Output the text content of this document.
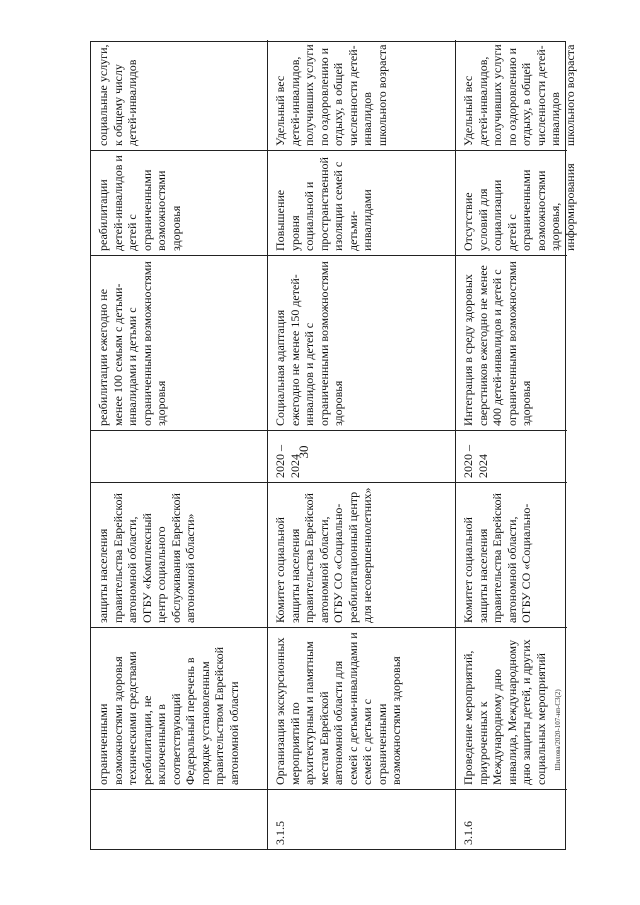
30
ограниченными возможностями здоровья техническими средствами реабилитации, не включенными в соответствующий Федеральный перечень в порядке установленным правительством Еврейской автономной области
защиты населения правительства Еврейской автономной области, ОГБУ «Комплексный центр социального обслуживания Еврейской автономной области»
реабилитации ежегодно не менее 100 семьям с детьми-инвалидами и детьми с ограниченными возможностями здоровья
реабилитации детей-инвалидов и детей с ограниченными возможностями здоровья
социальные услуги, к общему числу детей-инвалидов
3.1.5
Организация экскурсионных мероприятий по архитектурным и памятным местам Еврейской автономной области для семей с детьми-инвалидами и семей с детьми с ограниченными возможностями здоровья
Комитет социальной защиты населения правительства Еврейской автономной области, ОГБУ СО «Социально-реабилитационный центр для несовершеннолетних»
2020 – 2024
Социальная адаптация ежегодно не менее 150 детей-инвалидов и детей с ограниченными возможностями здоровья
Повышение уровня социальной и пространственной изоляции семей с детьми-инвалидами
Удельный вес детей-инвалидов, получивших услуги по оздоровлению и отдыху, в общей численности детей-инвалидов школьного возраста
3.1.6
Проведение мероприятий, приуроченных к Международному дню инвалида, Международному дню защиты детей, и других социальных мероприятий
Комитет социальной защиты населения правительства Еврейской автономной области, ОГБУ СО «Социально-
2020 – 2024
Интеграция в среду здоровых сверстников ежегодно не менее 400 детей-инвалидов и детей с ограниченными возможностями здоровья
Отсутствие условий для социализации детей с ограниченными возможностями здоровья, информирования
Удельный вес детей-инвалидов, получивших услуги по оздоровлению и отдыху, в общей численности детей-инвалидов школьного возраста
Шилова/2020-107-нп-С3(2)
